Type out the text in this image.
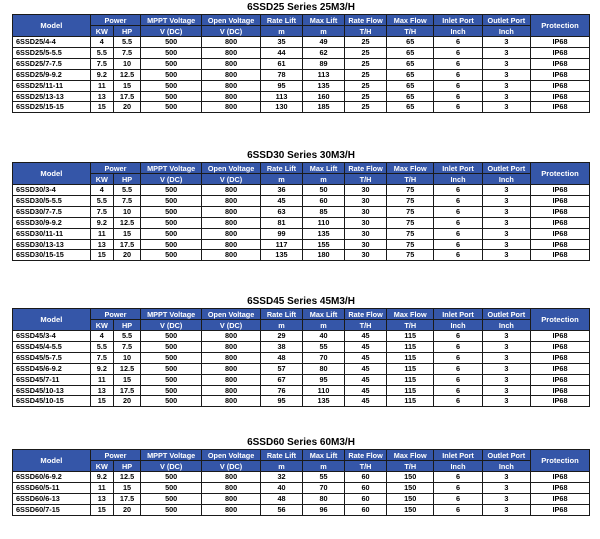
6SSD25 Series 25M3/H
Model	Power		MPPT Voltage	Open Voltage	Rate Lift	Max Lift	Rate Flow	Max Flow	Inlet Port	Outlet Port	Protection
	KW	HP	V (DC)	V (DC)	m	m	T/H	T/H	Inch	Inch	
6SSD25/4-4	4	5.5	500	800	35	49	25	65	6	3	IP68
6SSD25/5-5.5	5.5	7.5	500	800	44	62	25	65	6	3	IP68
6SSD25/7-7.5	7.5	10	500	800	61	89	25	65	6	3	IP68
6SSD25/9-9.2	9.2	12.5	500	800	78	113	25	65	6	3	IP68
6SSD25/11-11	11	15	500	800	95	135	25	65	6	3	IP68
6SSD25/13-13	13	17.5	500	800	113	160	25	65	6	3	IP68
6SSD25/15-15	15	20	500	800	130	185	25	65	6	3	IP68
6SSD30 Series 30M3/H
Model	Power		MPPT Voltage	Open Voltage	Rate Lift	Max Lift	Rate Flow	Max Flow	Inlet Port	Outlet Port	Protection
	KW	HP	V (DC)	V (DC)	m	m	T/H	T/H	Inch	Inch	
6SSD30/3-4	4	5.5	500	800	36	50	30	75	6	3	IP68
6SSD30/5-5.5	5.5	7.5	500	800	45	60	30	75	6	3	IP68
6SSD30/7-7.5	7.5	10	500	800	63	85	30	75	6	3	IP68
6SSD30/9-9.2	9.2	12.5	500	800	81	110	30	75	6	3	IP68
6SSD30/11-11	11	15	500	800	99	135	30	75	6	3	IP68
6SSD30/13-13	13	17.5	500	800	117	155	30	75	6	3	IP68
6SSD30/15-15	15	20	500	800	135	180	30	75	6	3	IP68
6SSD45 Series 45M3/H
Model	Power		MPPT Voltage	Open Voltage	Rate Lift	Max Lift	Rate Flow	Max Flow	Inlet Port	Outlet Port	Protection
	KW	HP	V (DC)	V (DC)	m	m	T/H	T/H	Inch	Inch	
6SSD45/3-4	4	5.5	500	800	29	40	45	115	6	3	IP68
6SSD45/4-5.5	5.5	7.5	500	800	38	55	45	115	6	3	IP68
6SSD45/5-7.5	7.5	10	500	800	48	70	45	115	6	3	IP68
6SSD45/6-9.2	9.2	12.5	500	800	57	80	45	115	6	3	IP68
6SSD45/7-11	11	15	500	800	67	95	45	115	6	3	IP68
6SSD45/10-13	13	17.5	500	800	76	110	45	115	6	3	IP68
6SSD45/10-15	15	20	500	800	95	135	45	115	6	3	IP68
6SSD60 Series 60M3/H
Model	Power		MPPT Voltage	Open Voltage	Rate Lift	Max Lift	Rate Flow	Max Flow	Inlet Port	Outlet Port	Protection
	KW	HP	V (DC)	V (DC)	m	m	T/H	T/H	Inch	Inch	
6SSD60/6-9.2	9.2	12.5	500	800	32	55	60	150	6	3	IP68
6SSD60/5-11	11	15	500	800	40	70	60	150	6	3	IP68
6SSD60/6-13	13	17.5	500	800	48	80	60	150	6	3	IP68
6SSD60/7-15	15	20	500	800	56	96	60	150	6	3	IP68
